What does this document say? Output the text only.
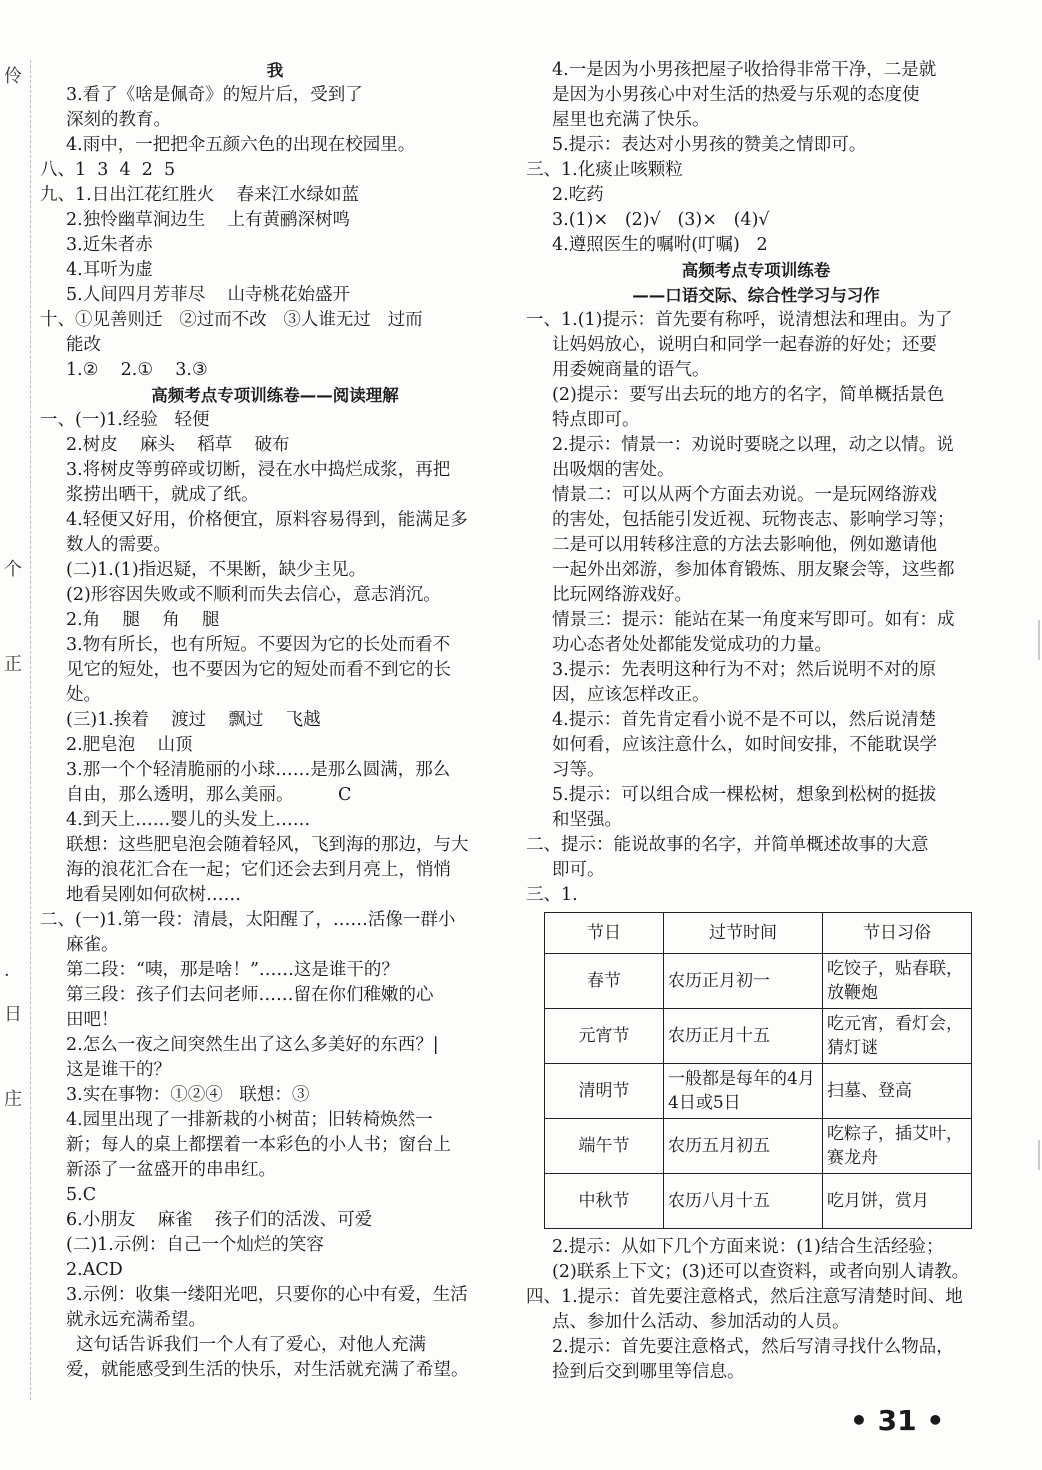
伶
个
正
·
日
庄
我
3.看了《啥是佩奇》的短片后，受到了
深刻的教育。
4.雨中，一把把伞五颜六色的出现在校园里。
八、1  3  4  2  5
九、1.日出江花红胜火    春来江水绿如蓝
2.独怜幽草涧边生    上有黄鹂深树鸣
3.近朱者赤
4.耳听为虚
5.人间四月芳菲尽    山寺桃花始盛开
十、①见善则迁   ②过而不改   ③人谁无过   过而
能改
1.②    2.①    3.③
高频考点专项训练卷——阅读理解
一、(一)1.经验   轻便
2.树皮    麻头    稻草    破布
3.将树皮等剪碎或切断，浸在水中捣烂成浆，再把
浆捞出晒干，就成了纸。
4.轻便又好用，价格便宜，原料容易得到，能满足多
数人的需要。
(二)1.(1)指迟疑，不果断，缺少主见。
(2)形容因失败或不顺利而失去信心，意志消沉。
2.角    腿    角    腿
3.物有所长，也有所短。不要因为它的长处而看不
见它的短处，也不要因为它的短处而看不到它的长
处。
(三)1.挨着    渡过    飘过    飞越
2.肥皂泡    山顶
3.那一个个轻清脆丽的小球……是那么圆满，那么
自由，那么透明，那么美丽。        C
4.到天上……婴儿的头发上……
联想：这些肥皂泡会随着轻风，飞到海的那边，与大
海的浪花汇合在一起；它们还会去到月亮上，悄悄
地看吴刚如何砍树……
二、(一)1.第一段：清晨，太阳醒了，……活像一群小
麻雀。
第二段：“咦，那是啥！”……这是谁干的？
第三段：孩子们去问老师……留在你们稚嫩的心
田吧！
2.怎么一夜之间突然生出了这么多美好的东西？|
这是谁干的？
3.实在事物：①②④   联想：③
4.园里出现了一排新栽的小树苗；旧转椅焕然一
新；每人的桌上都摆着一本彩色的小人书；窗台上
新添了一盆盛开的串串红。
5.C
6.小朋友    麻雀    孩子们的活泼、可爱
(二)1.示例：自己一个灿烂的笑容
2.ACD
3.示例：收集一缕阳光吧，只要你的心中有爱，生活
就永远充满希望。
这句话告诉我们一个人有了爱心，对他人充满
爱，就能感受到生活的快乐，对生活就充满了希望。
4.一是因为小男孩把屋子收拾得非常干净，二是就
是因为小男孩心中对生活的热爱与乐观的态度使
屋里也充满了快乐。
5.提示：表达对小男孩的赞美之情即可。
三、1.化痰止咳颗粒
2.吃药
3.(1)×   (2)√   (3)×   (4)√
4.遵照医生的嘱咐(叮嘱)   2
高频考点专项训练卷
——口语交际、综合性学习与习作
一、1.(1)提示：首先要有称呼，说清想法和理由。为了
让妈妈放心，说明白和同学一起春游的好处；还要
用委婉商量的语气。
(2)提示：要写出去玩的地方的名字，简单概括景色
特点即可。
2.提示：情景一：劝说时要晓之以理，动之以情。说
出吸烟的害处。
情景二：可以从两个方面去劝说。一是玩网络游戏
的害处，包括能引发近视、玩物丧志、影响学习等；
二是可以用转移注意的方法去影响他，例如邀请他
一起外出郊游，参加体育锻炼、朋友聚会等，这些都
比玩网络游戏好。
情景三：提示：能站在某一角度来写即可。如有：成
功心态者处处都能发觉成功的力量。
3.提示：先表明这种行为不对；然后说明不对的原
因，应该怎样改正。
4.提示：首先肯定看小说不是不可以，然后说清楚
如何看，应该注意什么，如时间安排，不能耽误学
习等。
5.提示：可以组合成一棵松树，想象到松树的挺拔
和坚强。
二、提示：能说故事的名字，并简单概述故事的大意
即可。
三、1.
节日	过节时间	节日习俗
春节	农历正月初一	吃饺子，贴春联，放鞭炮
元宵节	农历正月十五	吃元宵，看灯会，猜灯谜
清明节	一般都是每年的4月4日或5日	扫墓、登高
端午节	农历五月初五	吃粽子，插艾叶，赛龙舟
中秋节	农历八月十五	吃月饼，赏月
2.提示：从如下几个方面来说：(1)结合生活经验；
(2)联系上下文；(3)还可以查资料，或者向别人请教。
四、1.提示：首先要注意格式，然后注意写清楚时间、地
点、参加什么活动、参加活动的人员。
2.提示：首先要注意格式，然后写清寻找什么物品，
捡到后交到哪里等信息。
• 31 •
